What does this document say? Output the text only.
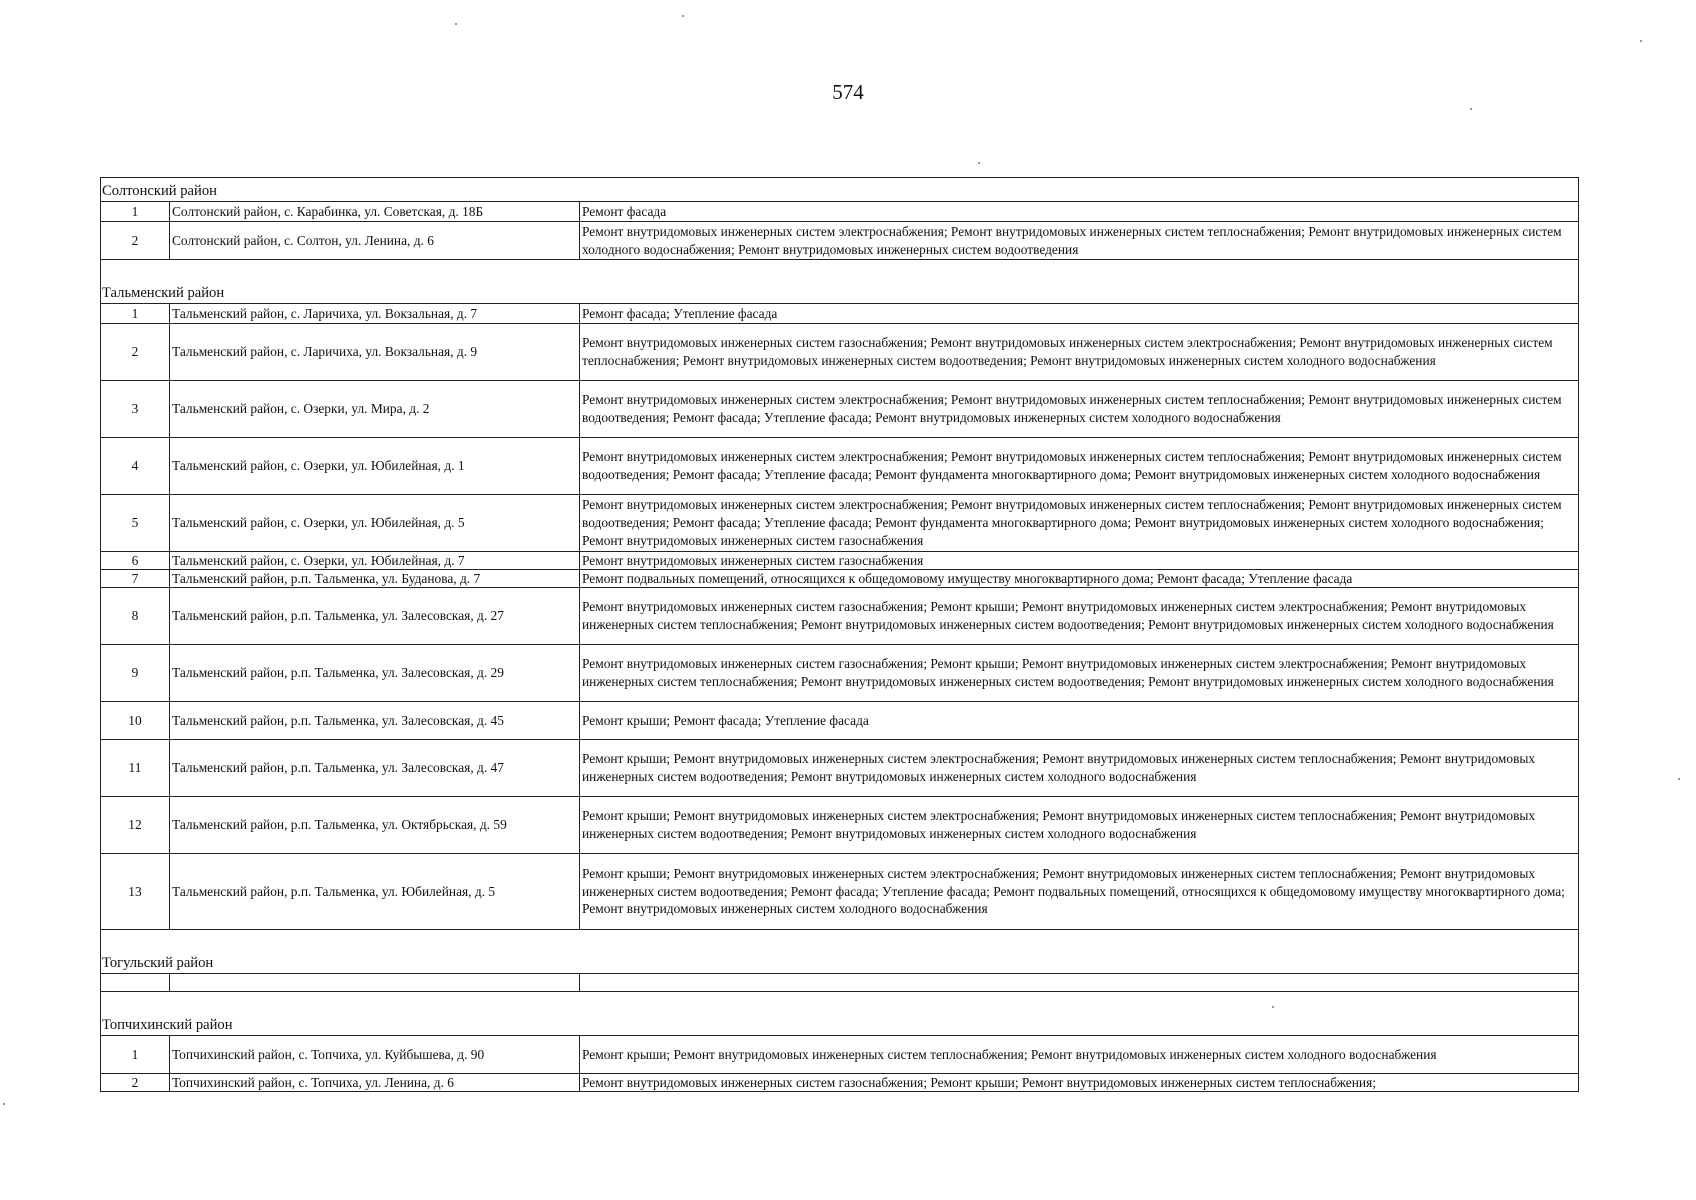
574
Солтонский район		
1	Солтонский район, с. Карабинка, ул. Советская, д. 18Б	Ремонт фасада
2	Солтонский район, с. Солтон, ул. Ленина, д. 6	Ремонт внутридомовых инженерных систем электроснабжения; Ремонт внутридомовых инженерных систем теплоснабжения; Ремонт внутридомовых инженерных систем холодного водоснабжения; Ремонт внутридомовых инженерных систем водоотведения
Тальменский район		
1	Тальменский район, с. Ларичиха, ул. Вокзальная, д. 7	Ремонт фасада; Утепление фасада
2	Тальменский район, с. Ларичиха, ул. Вокзальная, д. 9	Ремонт внутридомовых инженерных систем газоснабжения; Ремонт внутридомовых инженерных систем электроснабжения; Ремонт внутридомовых инженерных систем теплоснабжения; Ремонт внутридомовых инженерных систем водоотведения; Ремонт внутридомовых инженерных систем холодного водоснабжения
3	Тальменский район, с. Озерки, ул. Мира, д. 2	Ремонт внутридомовых инженерных систем электроснабжения; Ремонт внутридомовых инженерных систем теплоснабжения; Ремонт внутридомовых инженерных систем водоотведения; Ремонт фасада; Утепление фасада; Ремонт внутридомовых инженерных систем холодного водоснабжения
4	Тальменский район, с. Озерки, ул. Юбилейная, д. 1	Ремонт внутридомовых инженерных систем электроснабжения; Ремонт внутридомовых инженерных систем теплоснабжения; Ремонт внутридомовых инженерных систем водоотведения; Ремонт фасада; Утепление фасада; Ремонт фундамента многоквартирного дома; Ремонт внутридомовых инженерных систем холодного водоснабжения
5	Тальменский район, с. Озерки, ул. Юбилейная, д. 5	Ремонт внутридомовых инженерных систем электроснабжения; Ремонт внутридомовых инженерных систем теплоснабжения; Ремонт внутридомовых инженерных систем водоотведения; Ремонт фасада; Утепление фасада; Ремонт фундамента многоквартирного дома; Ремонт внутридомовых инженерных систем холодного водоснабжения; Ремонт внутридомовых инженерных систем газоснабжения
6	Тальменский район, с. Озерки, ул. Юбилейная, д. 7	Ремонт внутридомовых инженерных систем газоснабжения
7	Тальменский район, р.п. Тальменка, ул. Буданова, д. 7	Ремонт подвальных помещений, относящихся к общедомовому имуществу многоквартирного дома; Ремонт фасада; Утепление фасада
8	Тальменский район, р.п. Тальменка, ул. Залесовская, д. 27	Ремонт внутридомовых инженерных систем газоснабжения; Ремонт крыши; Ремонт внутридомовых инженерных систем электроснабжения; Ремонт внутридомовых инженерных систем теплоснабжения; Ремонт внутридомовых инженерных систем водоотведения; Ремонт внутридомовых инженерных систем холодного водоснабжения
9	Тальменский район, р.п. Тальменка, ул. Залесовская, д. 29	Ремонт внутридомовых инженерных систем газоснабжения; Ремонт крыши; Ремонт внутридомовых инженерных систем электроснабжения; Ремонт внутридомовых инженерных систем теплоснабжения; Ремонт внутридомовых инженерных систем водоотведения; Ремонт внутридомовых инженерных систем холодного водоснабжения
10	Тальменский район, р.п. Тальменка, ул. Залесовская, д. 45	Ремонт крыши; Ремонт фасада; Утепление фасада
11	Тальменский район, р.п. Тальменка, ул. Залесовская, д. 47	Ремонт крыши; Ремонт внутридомовых инженерных систем электроснабжения; Ремонт внутридомовых инженерных систем теплоснабжения; Ремонт внутридомовых инженерных систем водоотведения; Ремонт внутридомовых инженерных систем холодного водоснабжения
12	Тальменский район, р.п. Тальменка, ул. Октябрьская, д. 59	Ремонт крыши; Ремонт внутридомовых инженерных систем электроснабжения; Ремонт внутридомовых инженерных систем теплоснабжения; Ремонт внутридомовых инженерных систем водоотведения; Ремонт внутридомовых инженерных систем холодного водоснабжения
13	Тальменский район, р.п. Тальменка, ул. Юбилейная, д. 5	Ремонт крыши; Ремонт внутридомовых инженерных систем электроснабжения; Ремонт внутридомовых инженерных систем теплоснабжения; Ремонт внутридомовых инженерных систем водоотведения; Ремонт фасада; Утепление фасада; Ремонт подвальных помещений, относящихся к общедомовому имуществу многоквартирного дома; Ремонт внутридомовых инженерных систем холодного водоснабжения
Тогульский район		

Топчихинский район		
1	Топчихинский район, с. Топчиха, ул. Куйбышева, д. 90	Ремонт крыши; Ремонт внутридомовых инженерных систем теплоснабжения; Ремонт внутридомовых инженерных систем холодного водоснабжения
2	Топчихинский район, с. Топчиха, ул. Ленина, д. 6	Ремонт внутридомовых инженерных систем газоснабжения; Ремонт крыши; Ремонт внутридомовых инженерных систем теплоснабжения;
